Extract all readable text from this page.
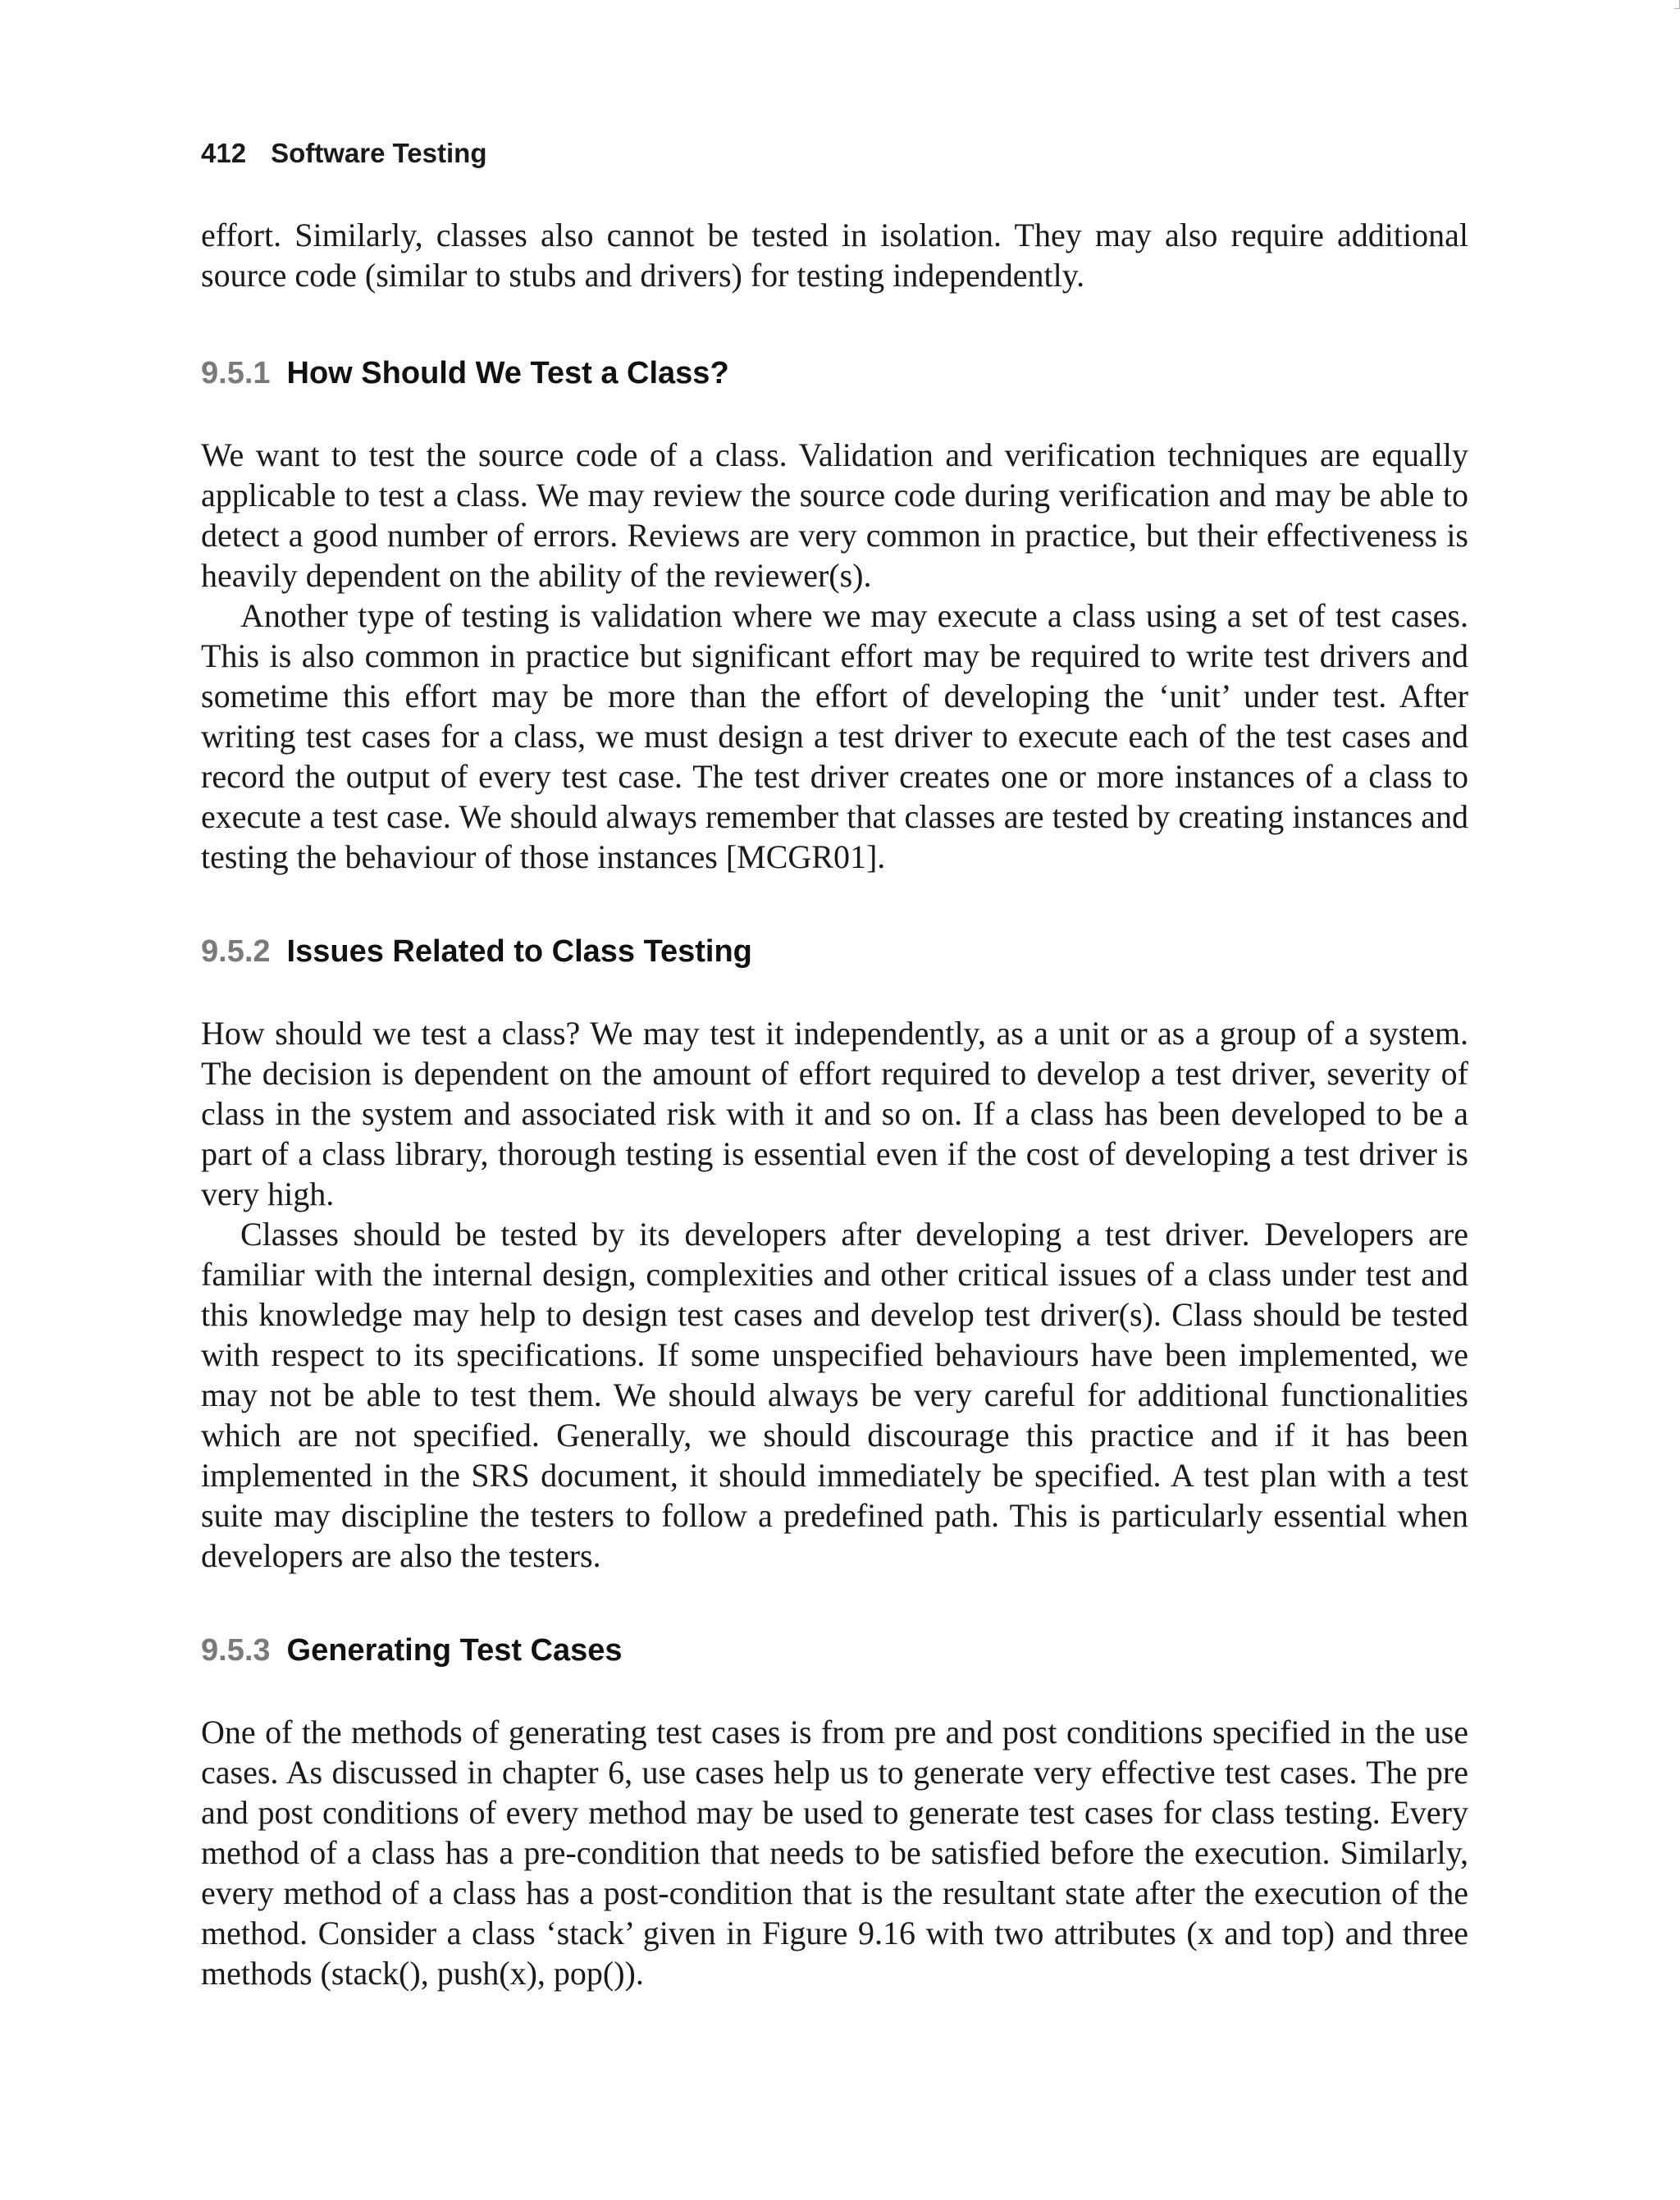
412 Software Testing

effort. Similarly, classes also cannot be tested in isolation. They may also require additional source code (similar to stubs and drivers) for testing independently.

9.5.1 How Should We Test a Class?

We want to test the source code of a class. Validation and verification techniques are equally applicable to test a class. We may review the source code during verification and may be able to detect a good number of errors. Reviews are very common in practice, but their effectiveness is heavily dependent on the ability of the reviewer(s).

Another type of testing is validation where we may execute a class using a set of test cases. This is also common in practice but significant effort may be required to write test drivers and sometime this effort may be more than the effort of developing the ‘unit’ under test. After writing test cases for a class, we must design a test driver to execute each of the test cases and record the output of every test case. The test driver creates one or more instances of a class to execute a test case. We should always remember that classes are tested by creating instances and testing the behaviour of those instances [MCGR01].

9.5.2 Issues Related to Class Testing

How should we test a class? We may test it independently, as a unit or as a group of a system. The decision is dependent on the amount of effort required to develop a test driver, severity of class in the system and associated risk with it and so on. If a class has been developed to be a part of a class library, thorough testing is essential even if the cost of developing a test driver is very high.

Classes should be tested by its developers after developing a test driver. Developers are familiar with the internal design, complexities and other critical issues of a class under test and this knowledge may help to design test cases and develop test driver(s). Class should be tested with respect to its specifications. If some unspecified behaviours have been implemented, we may not be able to test them. We should always be very careful for additional functionalities which are not specified. Generally, we should discourage this practice and if it has been implemented in the SRS document, it should immediately be specified. A test plan with a test suite may discipline the testers to follow a predefined path. This is particularly essential when developers are also the testers.

9.5.3 Generating Test Cases

One of the methods of generating test cases is from pre and post conditions specified in the use cases. As discussed in chapter 6, use cases help us to generate very effective test cases. The pre and post conditions of every method may be used to generate test cases for class testing. Every method of a class has a pre-condition that needs to be satisfied before the execution. Similarly, every method of a class has a post-condition that is the resultant state after the execution of the method. Consider a class ‘stack’ given in Figure 9.16 with two attributes (x and top) and three methods (stack(), push(x), pop()).
